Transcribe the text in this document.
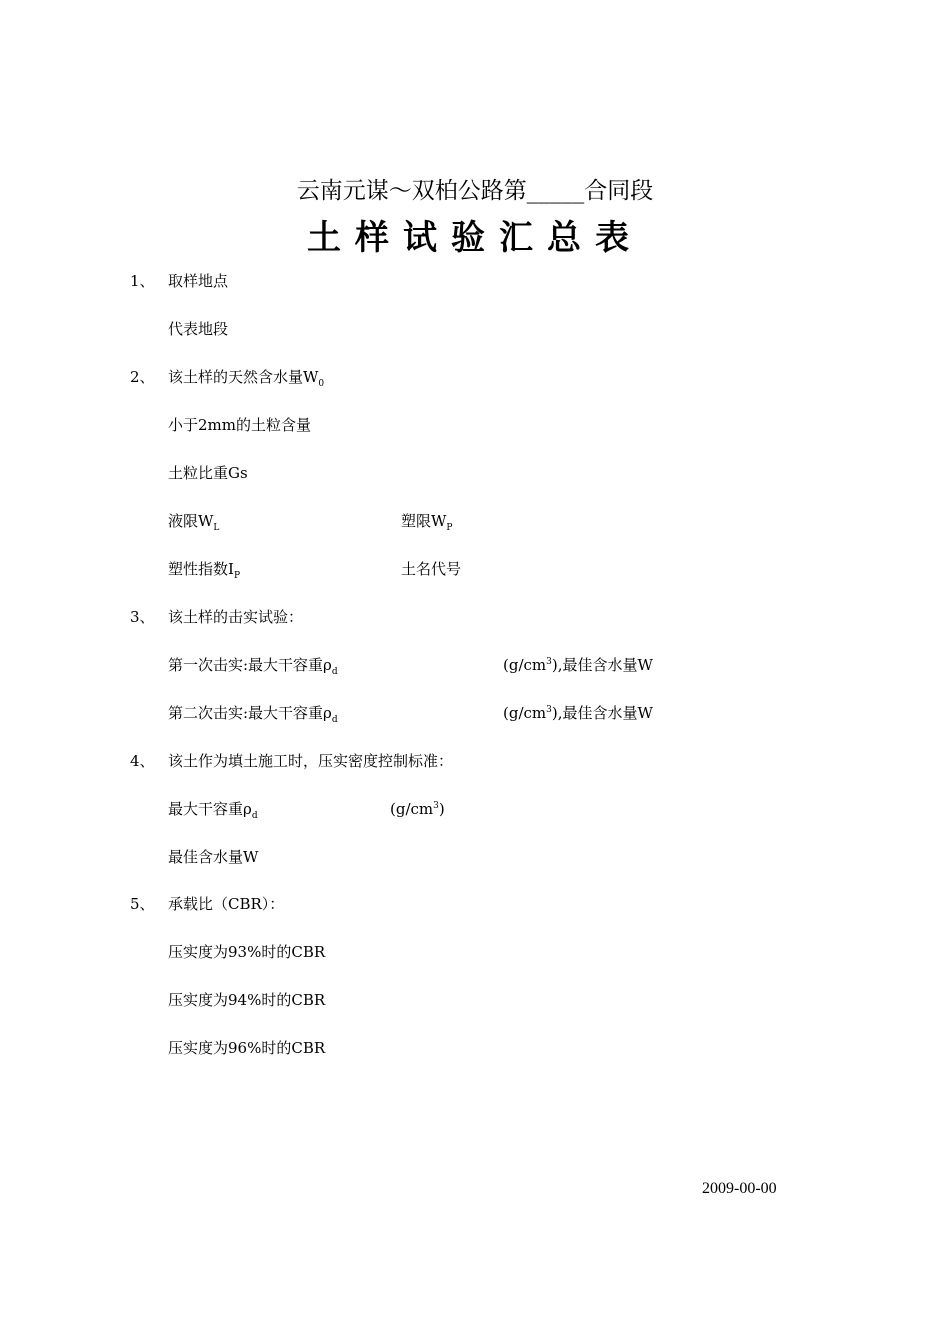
云南元谋～双柏公路第_____合同段
土样试验汇总表
1、 取样地点
代表地段
2、 该土样的天然含水量$W_0$
小于2mm的土粒含量
土粒比重Gs
液限$W_L$	塑限$W_P$
塑性指数$I_P$	土名代号
3、 该土样的击实试验：
第一次击实:最大干容重$\rho_d$	$(g/cm^3)$,最佳含水量W
第二次击实:最大干容重$\rho_d$	$(g/cm^3)$,最佳含水量W
4、 该土作为填土施工时，压实密度控制标准：
最大干容重$\rho_d$	$(g/cm^3)$
最佳含水量W
5、 承载比（CBR）：
压实度为93%时的CBR
压实度为94%时的CBR
压实度为96%时的CBR
2009-00-00
